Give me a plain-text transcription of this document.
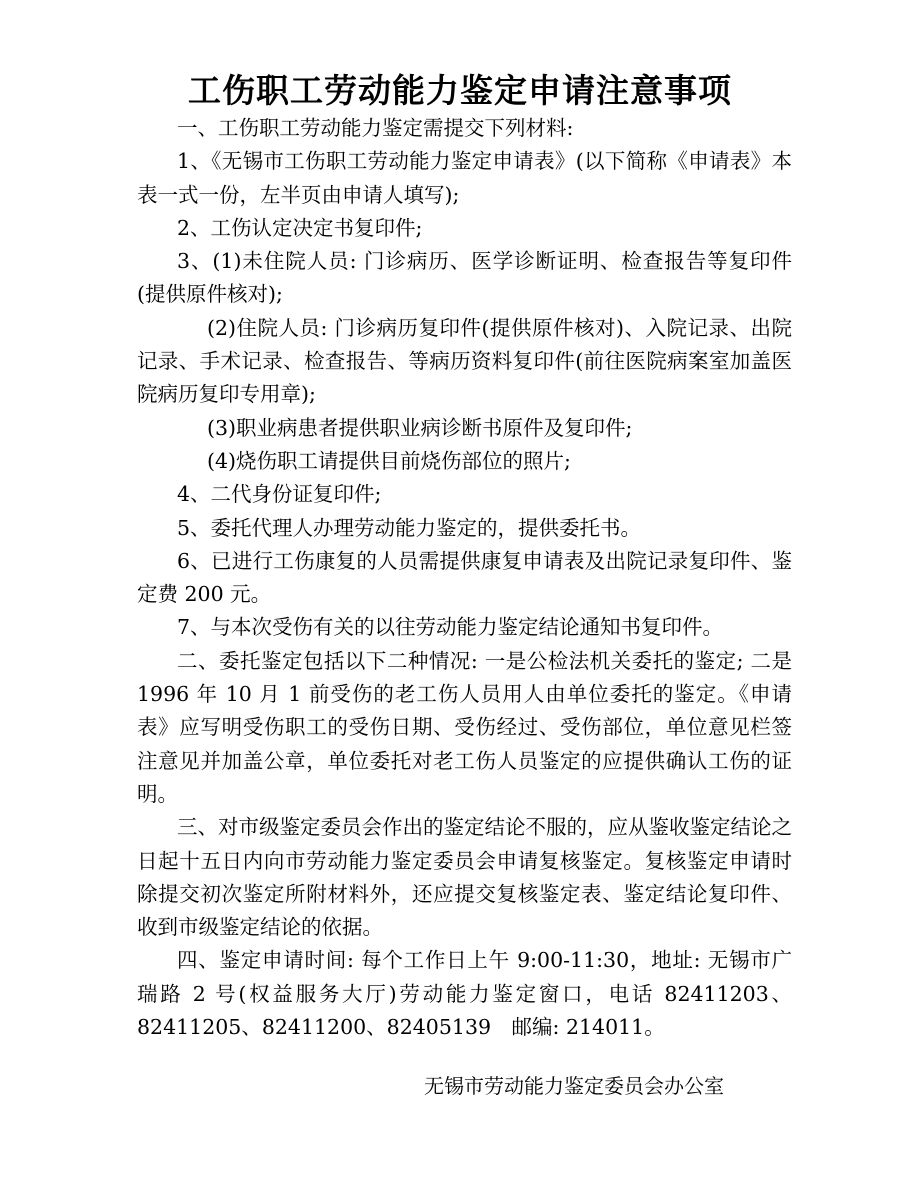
工伤职工劳动能力鉴定申请注意事项

一、工伤职工劳动能力鉴定需提交下列材料:

1、《无锡市工伤职工劳动能力鉴定申请表》(以下简称《申请表》本表一式一份，左半页由申请人填写);

2、工伤认定决定书复印件;

3、(1)未住院人员: 门诊病历、医学诊断证明、检查报告等复印件(提供原件核对);

(2)住院人员: 门诊病历复印件(提供原件核对)、入院记录、出院记录、手术记录、检查报告、等病历资料复印件(前往医院病案室加盖医院病历复印专用章);

(3)职业病患者提供职业病诊断书原件及复印件;

(4)烧伤职工请提供目前烧伤部位的照片;

4、二代身份证复印件;

5、委托代理人办理劳动能力鉴定的，提供委托书。

6、已进行工伤康复的人员需提供康复申请表及出院记录复印件、鉴定费 200 元。

7、与本次受伤有关的以往劳动能力鉴定结论通知书复印件。

二、委托鉴定包括以下二种情况: 一是公检法机关委托的鉴定; 二是 1996 年 10 月 1 前受伤的老工伤人员用人由单位委托的鉴定。《申请表》应写明受伤职工的受伤日期、受伤经过、受伤部位，单位意见栏签注意见并加盖公章，单位委托对老工伤人员鉴定的应提供确认工伤的证明。

三、对市级鉴定委员会作出的鉴定结论不服的，应从鉴收鉴定结论之日起十五日内向市劳动能力鉴定委员会申请复核鉴定。复核鉴定申请时除提交初次鉴定所附材料外，还应提交复核鉴定表、鉴定结论复印件、收到市级鉴定结论的依据。

四、鉴定申请时间: 每个工作日上午 9:00-11:30，地址: 无锡市广瑞路 2 号(权益服务大厅)劳动能力鉴定窗口，电话 82411203、82411205、82411200、82405139　邮编: 214011。

无锡市劳动能力鉴定委员会办公室
